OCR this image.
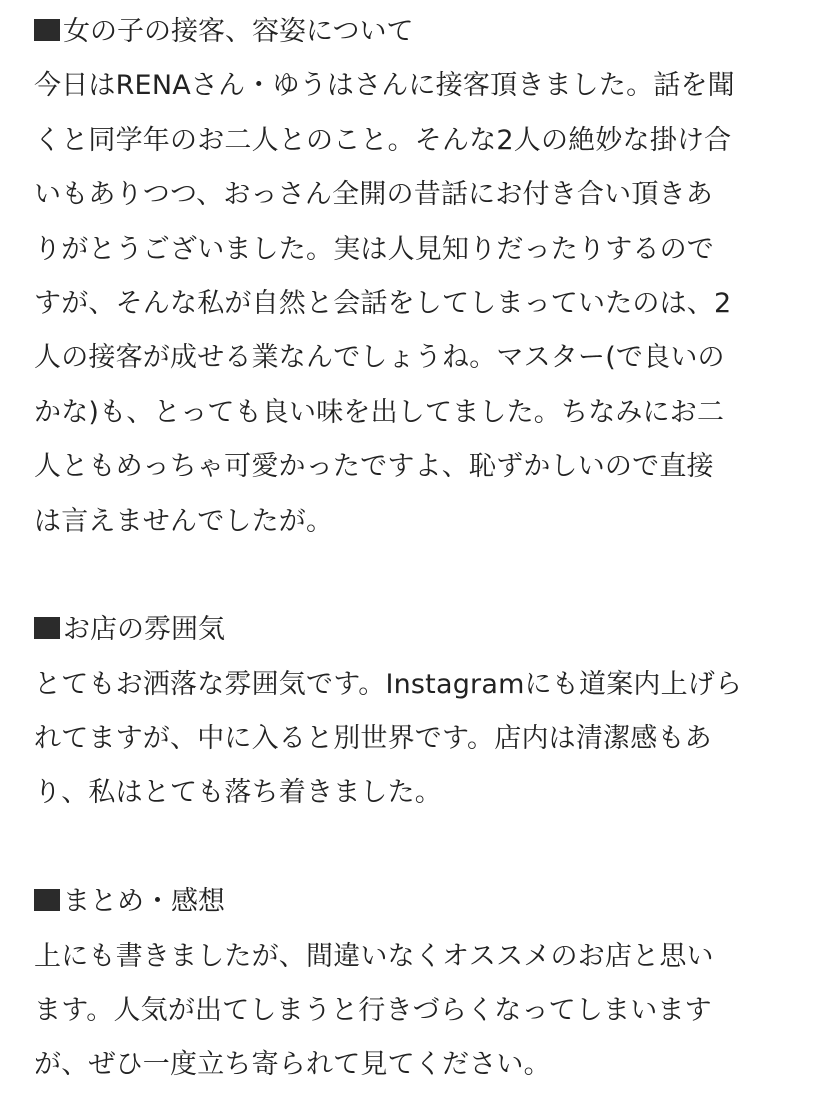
女の子の接客、容姿について
今日はRENAさん・ゆうはさんに接客頂きました。話を聞
くと同学年のお二人とのこと。そんな2人の絶妙な掛け合
いもありつつ、おっさん全開の昔話にお付き合い頂きあ
りがとうございました。実は人見知りだったりするので
すが、そんな私が自然と会話をしてしまっていたのは、2
人の接客が成せる業なんでしょうね。マスター(で良いの
かな)も、とっても良い味を出してました。ちなみにお二
人ともめっちゃ可愛かったですよ、恥ずかしいので直接
は言えませんでしたが。
お店の雰囲気
とてもお洒落な雰囲気です。Instagramにも道案内上げら
れてますが、中に入ると別世界です。店内は清潔感もあ
り、私はとても落ち着きました。
まとめ・感想
上にも書きましたが、間違いなくオススメのお店と思い
ます。人気が出てしまうと行きづらくなってしまいます
が、ぜひ一度立ち寄られて見てください。
